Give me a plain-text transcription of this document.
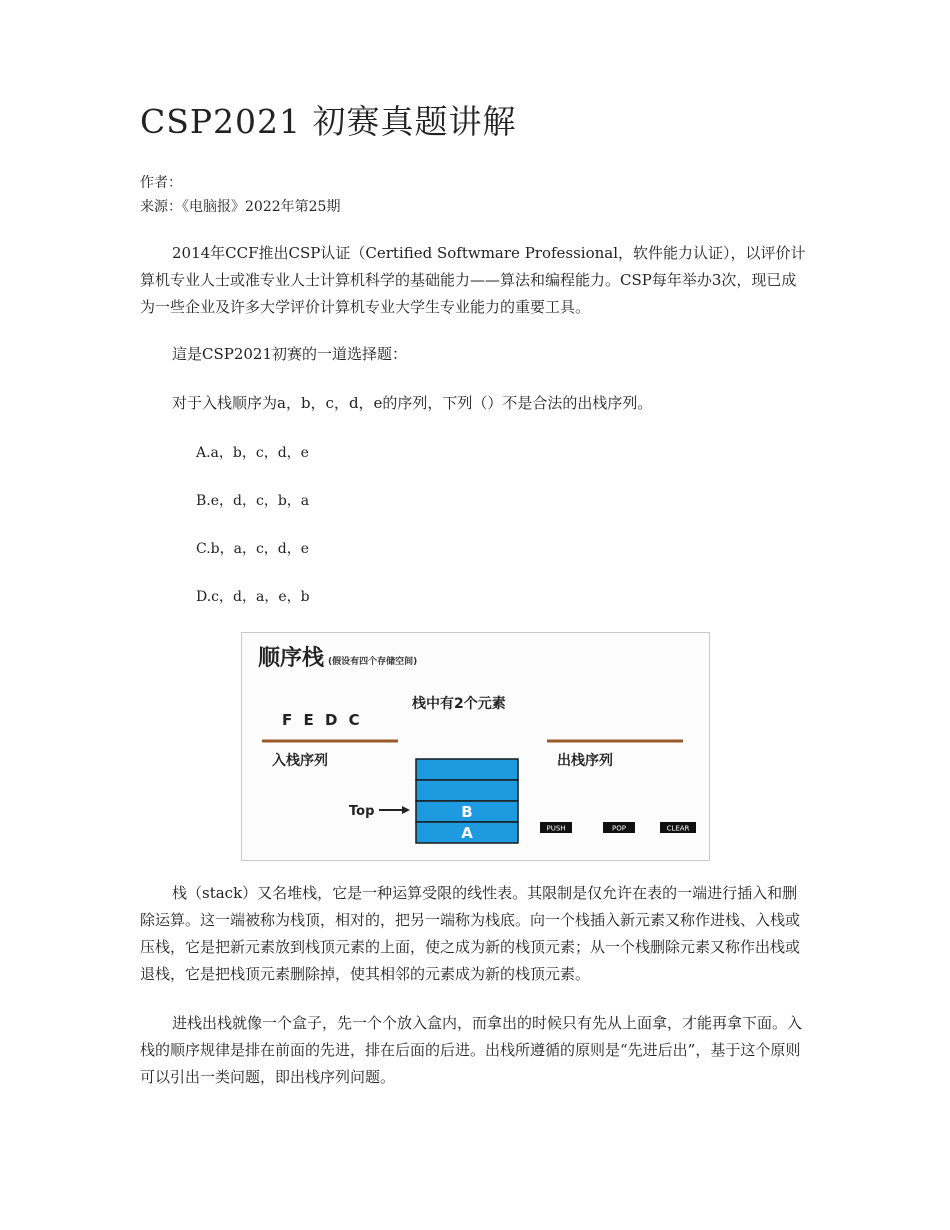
CSP2021 初赛真题讲解
作者：
来源：《电脑报》2022年第25期

2014年CCF推出CSP认证（Certified Softwmare Professional，软件能力认证），以评价计算机专业人士或准专业人士计算机科学的基础能力——算法和编程能力。CSP每年举办3次，现已成为一些企业及许多大学评价计算机专业大学生专业能力的重要工具。

這是CSP2021初赛的一道选择题：

对于入栈顺序为a，b，c，d，e的序列，下列（）不是合法的出栈序列。

A.a，b，c，d，e
B.e，d，c，b，a
C.b，a，c，d，e
D.c，d，a，e，b
顺序栈 (假设有四个存储空间)
栈中有2个元素
F E D C
入栈序列	出栈序列
B
A
Top
PUSH	POP	CLEAR

栈（stack）又名堆栈，它是一种运算受限的线性表。其限制是仅允许在表的一端进行插入和删除运算。这一端被称为栈顶，相对的，把另一端称为栈底。向一个栈插入新元素又称作进栈、入栈或压栈，它是把新元素放到栈顶元素的上面，使之成为新的栈顶元素；从一个栈删除元素又称作出栈或退栈，它是把栈顶元素删除掉，使其相邻的元素成为新的栈顶元素。

进栈出栈就像一个盒子，先一个个放入盒内，而拿出的时候只有先从上面拿，才能再拿下面。入栈的顺序规律是排在前面的先进，排在后面的后进。出栈所遵循的原则是“先进后出”，基于这个原则可以引出一类问题，即出栈序列问题。
